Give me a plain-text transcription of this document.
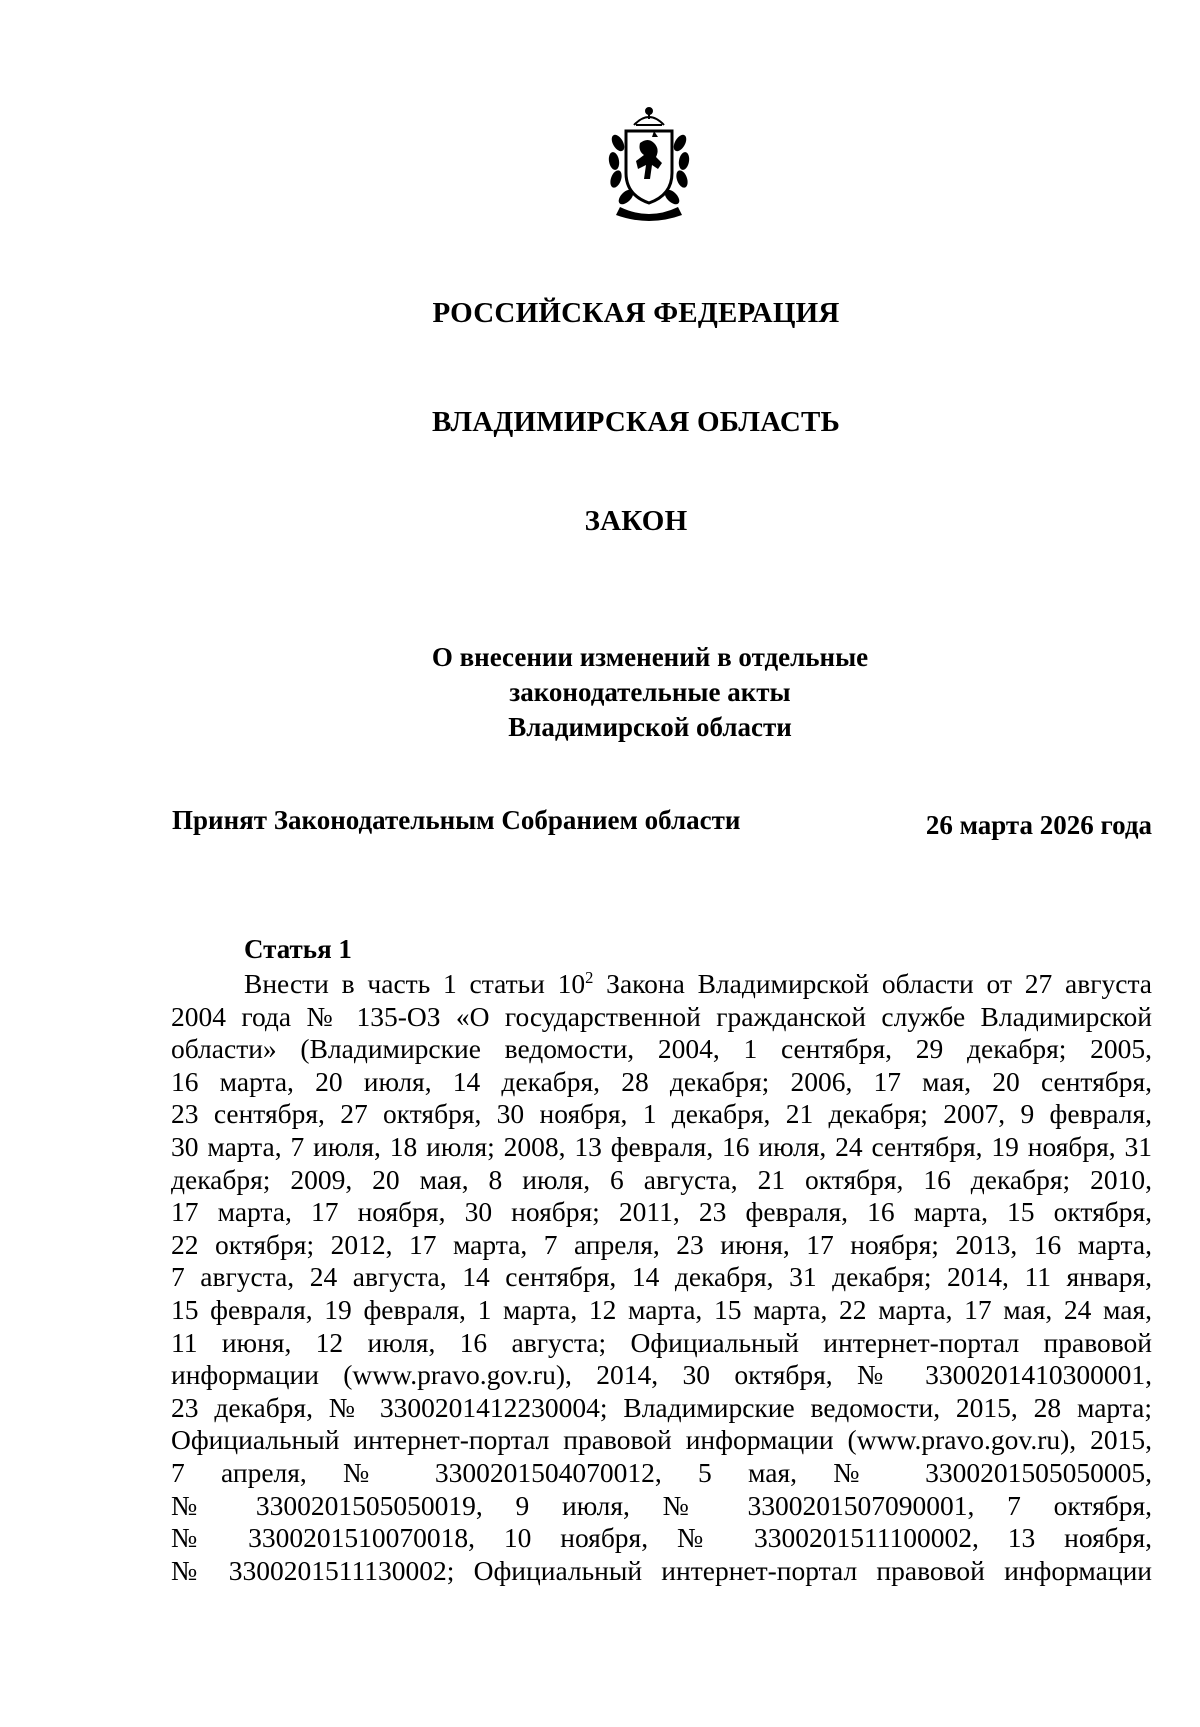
РОССИЙСКАЯ ФЕДЕРАЦИЯ
ВЛАДИМИРСКАЯ ОБЛАСТЬ
ЗАКОН
О внесении изменений в отдельные
законодательные акты
Владимирской области
Принят Законодательным Собранием области	26 марта 2026 года
Статья 1
Внести в часть 1 статьи $10^2$ Закона Владимирской области от 27 августа
2004 года № 135-ОЗ «О государственной гражданской службе Владимирской
области» (Владимирские ведомости, 2004, 1 сентября, 29 декабря; 2005,
16 марта, 20 июля, 14 декабря, 28 декабря; 2006, 17 мая, 20 сентября,
23 сентября, 27 октября, 30 ноября, 1 декабря, 21 декабря; 2007, 9 февраля,
30 марта, 7 июля, 18 июля; 2008, 13 февраля, 16 июля, 24 сентября, 19 ноября, 31
декабря; 2009, 20 мая, 8 июля, 6 августа, 21 октября, 16 декабря; 2010,
17 марта, 17 ноября, 30 ноября; 2011, 23 февраля, 16 марта, 15 октября,
22 октября; 2012, 17 марта, 7 апреля, 23 июня, 17 ноября; 2013, 16 марта,
7 августа, 24 августа, 14 сентября, 14 декабря, 31 декабря; 2014, 11 января,
15 февраля, 19 февраля, 1 марта, 12 марта, 15 марта, 22 марта, 17 мая, 24 мая,
11 июня, 12 июля, 16 августа; Официальный интернет-портал правовой
информации (www.pravo.gov.ru), 2014, 30 октября, № 3300201410300001,
23 декабря, № 3300201412230004; Владимирские ведомости, 2015, 28 марта;
Официальный интернет-портал правовой информации (www.pravo.gov.ru), 2015,
7 апреля, № 3300201504070012, 5 мая, № 3300201505050005,
№ 3300201505050019, 9 июля, № 3300201507090001, 7 октября,
№ 3300201510070018, 10 ноября, № 3300201511100002, 13 ноября,
№ 3300201511130002; Официальный интернет-портал правовой информации
